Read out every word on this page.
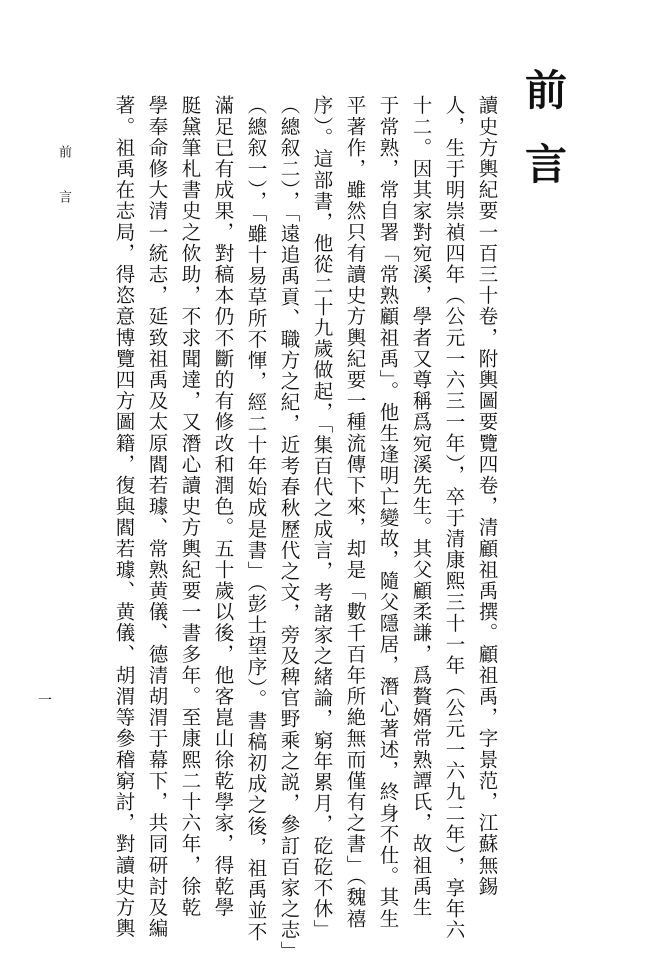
前言
讀史方輿紀要一百三十卷，附輿圖要覽四卷，清顧祖禹撰。顧祖禹，字景范，江蘇無錫
人，生于明崇禎四年（公元一六三一年），卒于清康熙三十一年（公元一六九二年），享年六
十二。因其家對宛溪，學者又尊稱爲宛溪先生。其父顧柔謙，爲贅婿常熟譚氏，故祖禹生
于常熟，常自署「常熟顧祖禹」。他生逢明亡變故，隨父隱居，潛心著述，終身不仕。其生
平著作，雖然只有讀史方輿紀要一種流傳下來，却是「數千百年所絶無而僅有之書」（魏禧
序）。這部書，他從二十九歲做起，「集百代之成言，考諸家之緒論，窮年累月，矻矻不休」
（總叙二），「遠追禹貢、職方之紀，近考春秋歷代之文，旁及稗官野乘之説，參訂百家之志」
（總叙一），「雖十易草所不惲，經二十年始成是書」（彭士望序）。書稿初成之後，祖禹並不
滿足已有成果，對稿本仍不斷的有修改和潤色。五十歲以後，他客崑山徐乾學家，得乾學
脡黛筆札書史之佽助，不求聞達，又潛心讀史方輿紀要一書多年。至康熙二十六年，徐乾
學奉命修大清一統志，延致祖禹及太原閻若璩、常熟黄儀、德清胡渭于幕下，共同研討及編
著。祖禹在志局，得恣意博覽四方圖籍，復與閻若璩、黄儀、胡渭等參稽窮討，對讀史方輿
前 言
一
